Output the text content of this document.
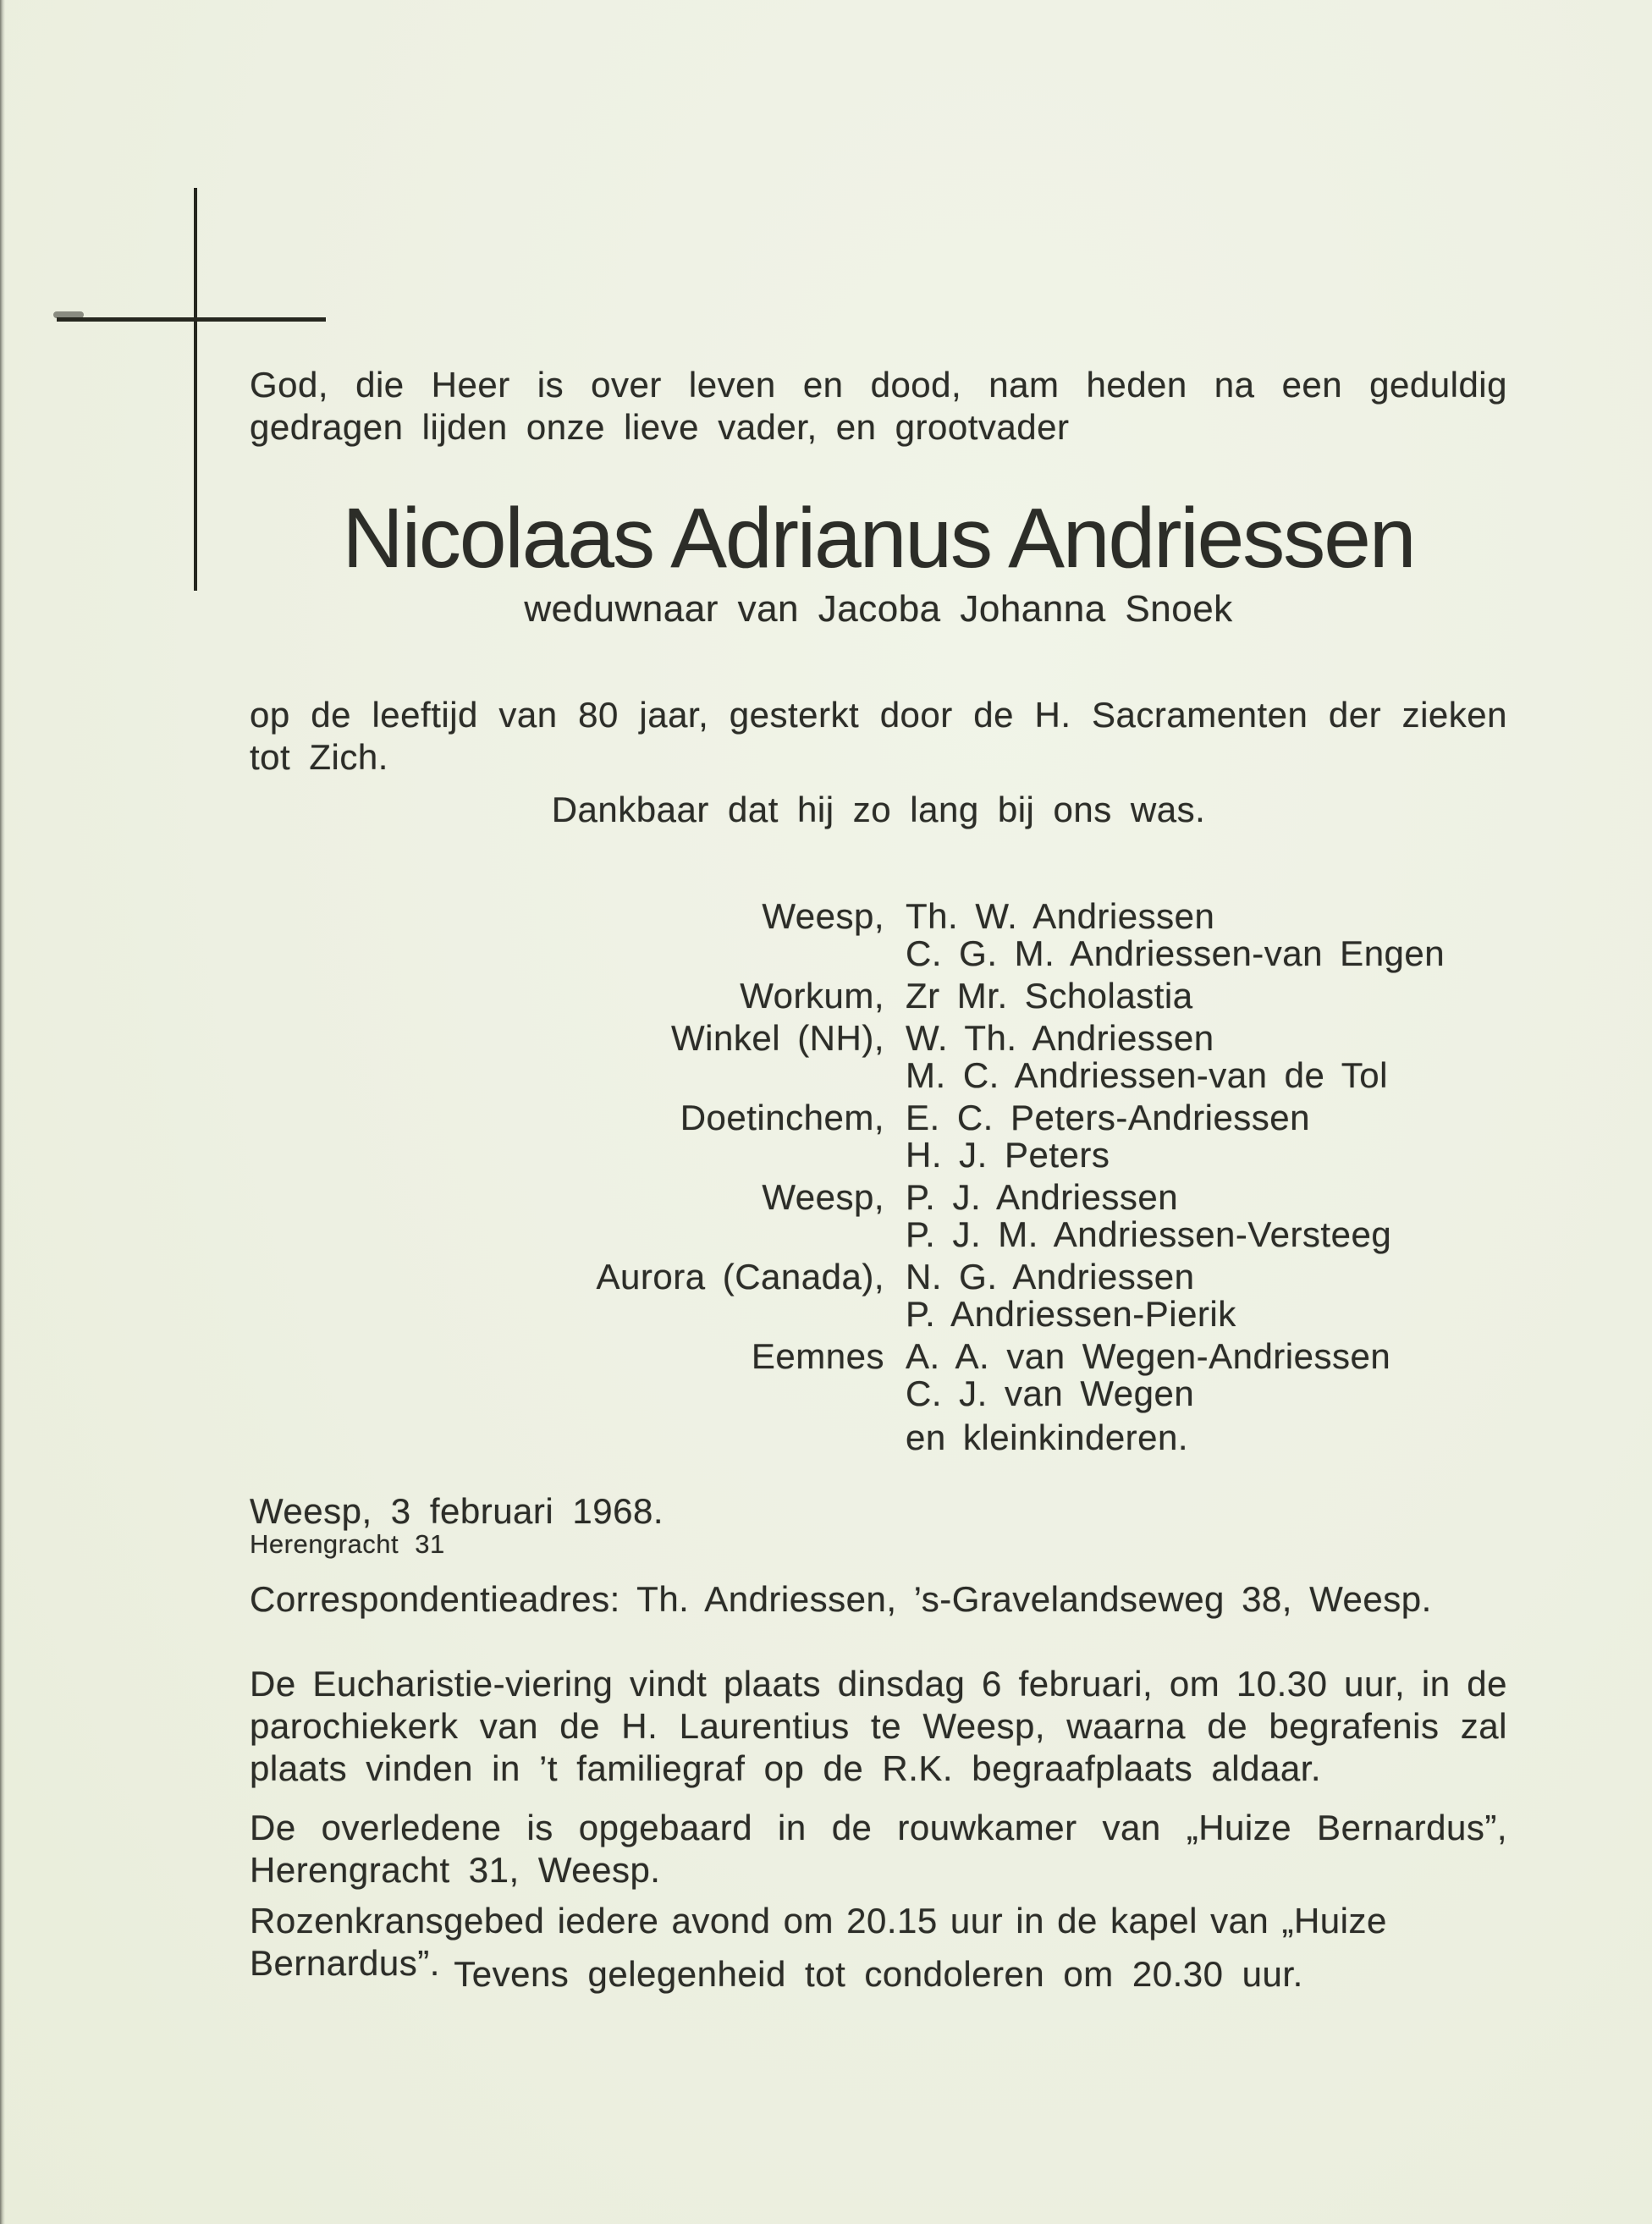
God, die Heer is over leven en dood, nam heden na een geduldig
gedragen lijden onze lieve vader, en grootvader
Nicolaas Adrianus Andriessen
weduwnaar van Jacoba Johanna Snoek
op de leeftijd van 80 jaar, gesterkt door de H. Sacramenten der zieken
tot Zich.
Dankbaar dat hij zo lang bij ons was.
Weesp, Th. W. Andriessen
C. G. M. Andriessen-van Engen
Workum, Zr Mr. Scholastia
Winkel (NH), W. Th. Andriessen
M. C. Andriessen-van de Tol
Doetinchem, E. C. Peters-Andriessen
H. J. Peters
Weesp, P. J. Andriessen
P. J. M. Andriessen-Versteeg
Aurora (Canada), N. G. Andriessen
P. Andriessen-Pierik
Eemnes A. A. van Wegen-Andriessen
C. J. van Wegen
en kleinkinderen.
Weesp, 3 februari 1968.
Herengracht 31
Correspondentieadres: Th. Andriessen, ’s-Gravelandseweg 38, Weesp.
De Eucharistie-viering vindt plaats dinsdag 6 februari, om 10.30 uur, in de
parochiekerk van de H. Laurentius te Weesp, waarna de begrafenis zal
plaats vinden in ’t familiegraf op de R.K. begraafplaats aldaar.
De overledene is opgebaard in de rouwkamer van „Huize Bernardus”,
Herengracht 31, Weesp.
Rozenkransgebed iedere avond om 20.15 uur in de kapel van „Huize Bernardus”. Tevens gelegenheid tot condoleren om 20.30 uur.
